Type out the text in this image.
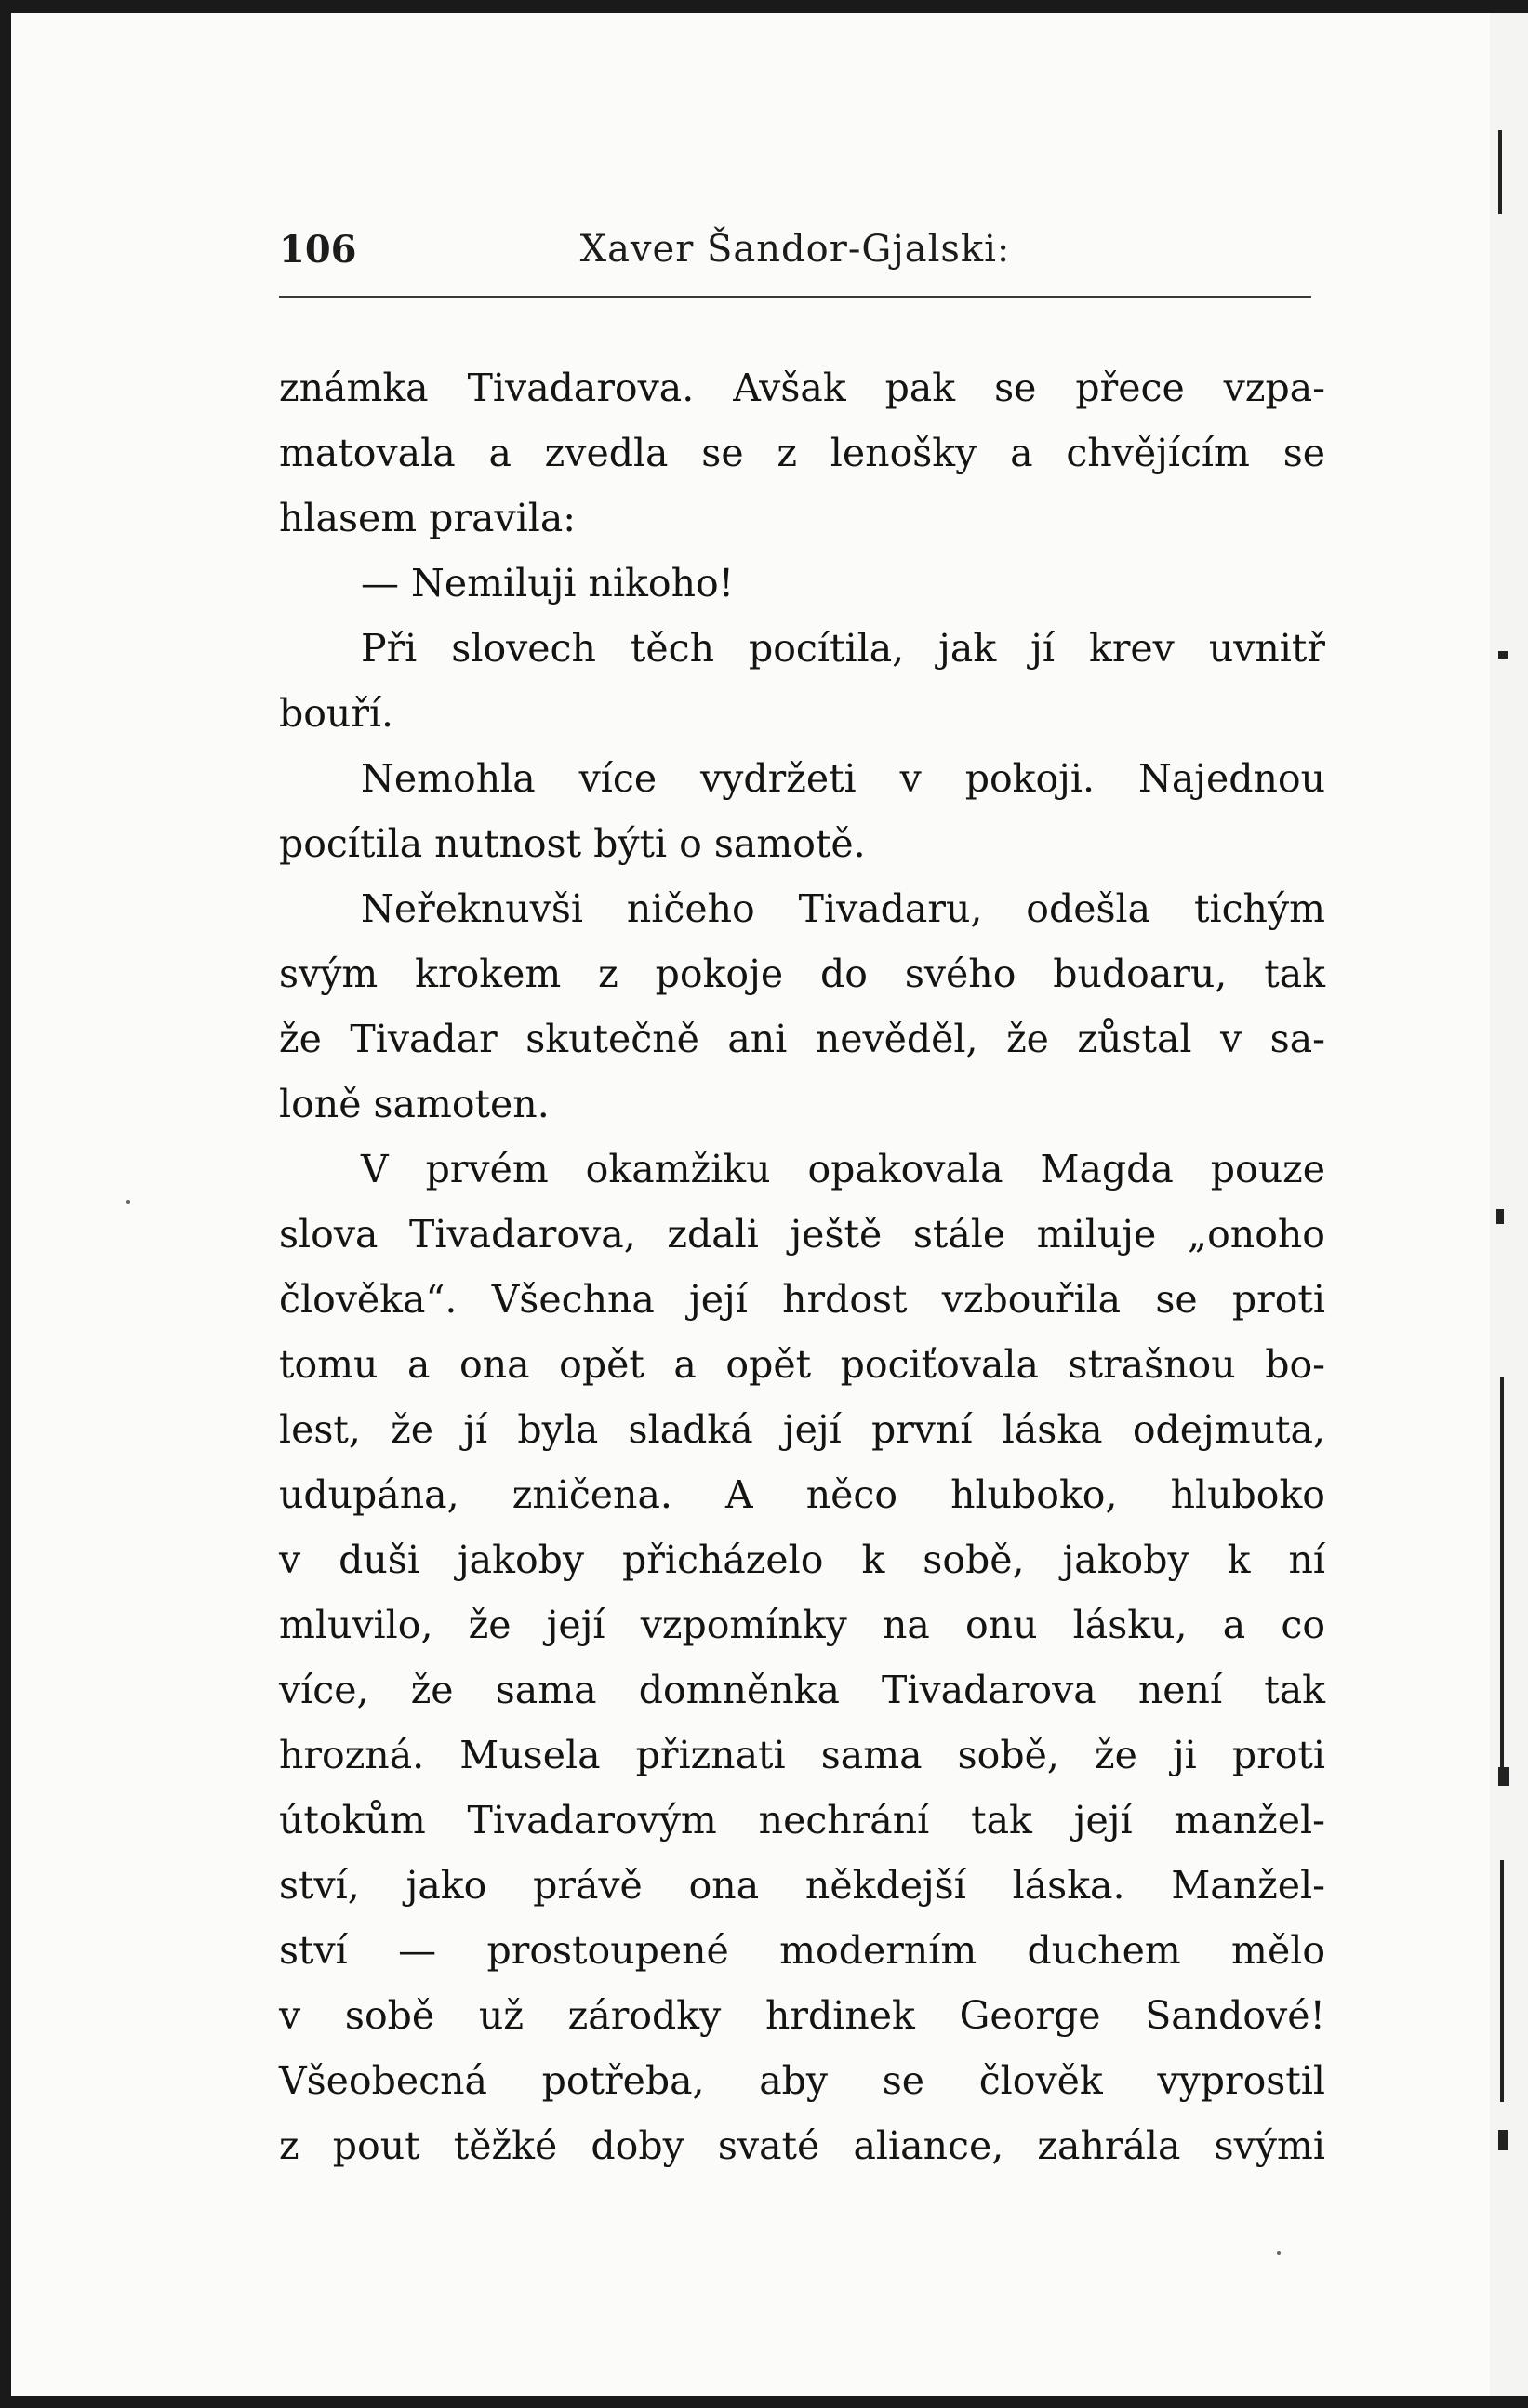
106	Xaver Šandor-Gjalski:
známka Tivadarova. Avšak pak se přece vzpa-
matovala a zvedla se z lenošky a chvějícím se
hlasem pravila:
— Nemiluji nikoho!
Při slovech těch pocítila, jak jí krev uvnitř
bouří.
Nemohla více vydržeti v pokoji. Najednou
pocítila nutnost býti o samotě.
Neřeknuvši ničeho Tivadaru, odešla tichým
svým krokem z pokoje do svého budoaru, tak
že Tivadar skutečně ani nevěděl, že zůstal v sa-
loně samoten.
V prvém okamžiku opakovala Magda pouze
slova Tivadarova, zdali ještě stále miluje „onoho
člověka“. Všechna její hrdost vzbouřila se proti
tomu a ona opět a opět pociťovala strašnou bo-
lest, že jí byla sladká její první láska odejmuta,
udupána, zničena. A něco hluboko, hluboko
v duši jakoby přicházelo k sobě, jakoby k ní
mluvilo, že její vzpomínky na onu lásku, a co
více, že sama domněnka Tivadarova není tak
hrozná. Musela přiznati sama sobě, že ji proti
útokům Tivadarovým nechrání tak její manžel-
ství, jako právě ona někdejší láska. Manžel-
ství — prostoupené moderním duchem mělo
v sobě už zárodky hrdinek George Sandové!
Všeobecná potřeba, aby se člověk vyprostil
z pout těžké doby svaté aliance, zahrála svými
